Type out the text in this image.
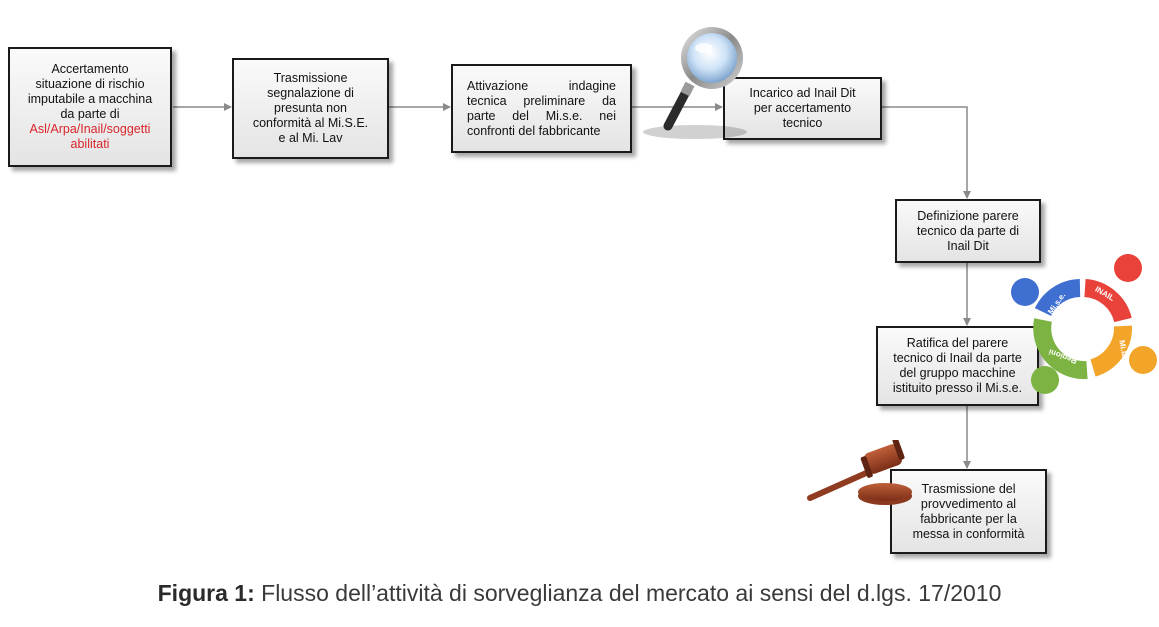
Accertamento
situazione di rischio
imputabile a macchina
da parte di
Asl/Arpa/Inail/soggetti
abilitati
Trasmissione
segnalazione di
presunta non
conformità al Mi.S.E.
e al Mi. Lav
Attivazione indagine
tecnica preliminare da
parte del Mi.s.e. nei
confronti del fabbricante
Incarico ad Inail Dit
per accertamento
tecnico
Definizione parere
tecnico da parte di
Inail Dit
Ratifica del parere
tecnico di Inail da parte
del gruppo macchine
istituito presso il Mi.s.e.
Trasmissione del
provvedimento al
fabbricante per la
messa in conformità
Mi.s.e.	INAIL
Mi.lav
Regioni
Figura 1: Flusso dell’attività di sorveglianza del mercato ai sensi del d.lgs. 17/2010
